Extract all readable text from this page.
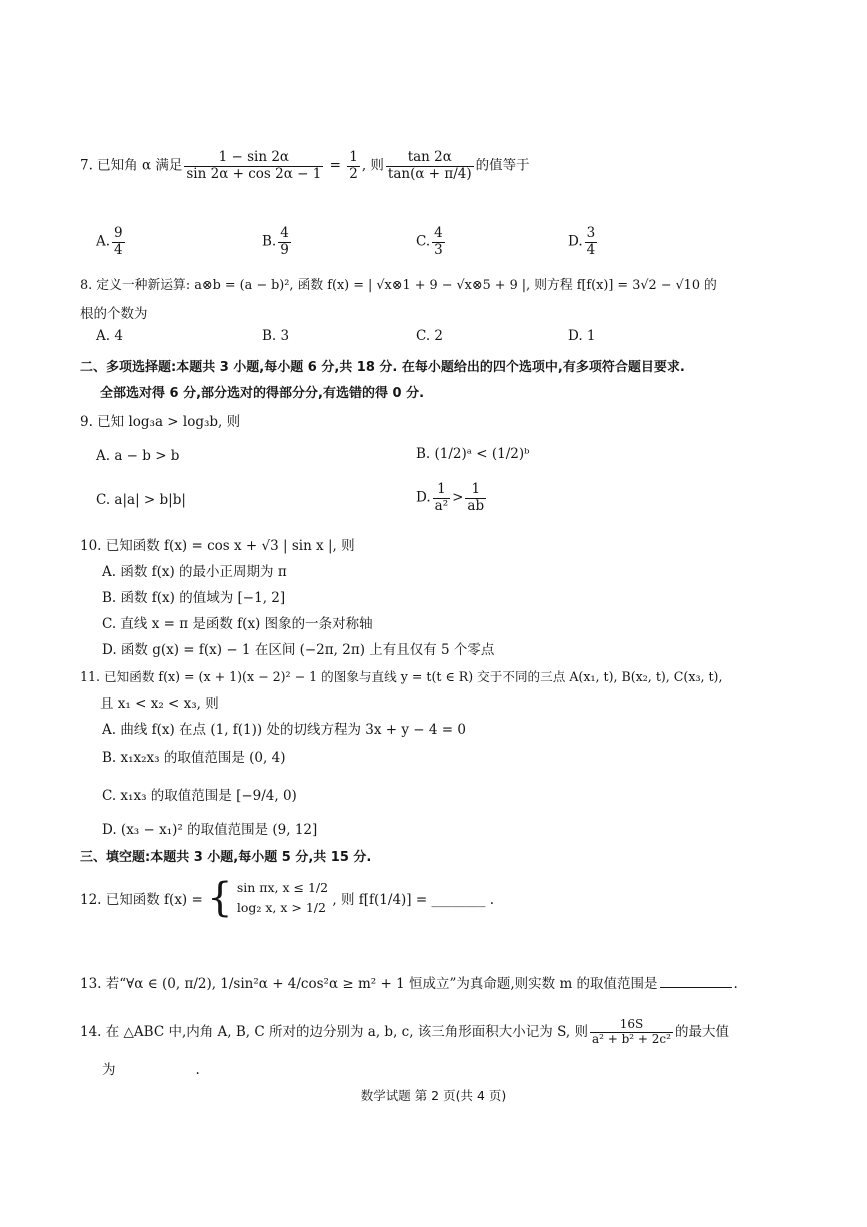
7. 已知角 α 满足 $\frac{1 - \sin 2\alpha}{\sin 2\alpha + \cos 2\alpha - 1} = \frac{1}{2}$ , 则 $\frac{\tan 2\alpha}{\tan(\alpha + \pi/4)}$ 的值等于
A. $\frac{9}{4}$	B. $\frac{4}{9}$	C. $\frac{4}{3}$	D. $\frac{3}{4}$
8. 定义一种新运算: a⊗b = (a − b)², 函数 f(x) = | √x⊗1 + 9 − √x⊗5 + 9 |, 则方程 f[f(x)] = 3√2 − √10 的
根的个数为
A. 4	B. 3	C. 2	D. 1
二、多项选择题:本题共 3 小题,每小题 6 分,共 18 分. 在每小题给出的四个选项中,有多项符合题目要求.
全部选对得 6 分,部分选对的得部分分,有选错的得 0 分.
9. 已知 log₃a > log₃b, 则
A. a − b > b	B. (1/2)ᵃ < (1/2)ᵇ
C. a|a| > b|b|	D. $\frac{1}{\text{a²}} > \frac{1}{ab}$
10. 已知函数 f(x) = cos x + √3 | sin x |, 则
A. 函数 f(x) 的最小正周期为 π
B. 函数 f(x) 的值域为 [−1, 2]
C. 直线 x = π 是函数 f(x) 图象的一条对称轴
D. 函数 g(x) = f(x) − 1 在区间 (−2π, 2π) 上有且仅有 5 个零点
11. 已知函数 f(x) = (x + 1)(x − 2)² − 1 的图象与直线 y = t(t ∈ R) 交于不同的三点 A(x₁, t), B(x₂, t), C(x₃, t),
且 x₁ < x₂ < x₃, 则
A. 曲线 f(x) 在点 (1, f(1)) 处的切线方程为 3x + y − 4 = 0
B. x₁x₂x₃ 的取值范围是 (0, 4)
C. x₁x₃ 的取值范围是 [−9/4, 0)
D. (x₃ − x₁)² 的取值范围是 (9, 12]
三、填空题:本题共 3 小题,每小题 5 分,共 15 分.
12. 已知函数 f(x) = { sin πx, x ≤ 1/2
log₂ x, x > 1/2 , 则 f[f(1/4)] = ________ .
13. 若“∀α ∈ (0, π/2), 1/sin²α + 4/cos²α ≥ m² + 1 恒成立”为真命题,则实数 m 的取值范围是	.
14. 在 △ABC 中,内角 A, B, C 所对的边分别为 a, b, c, 该三角形面积大小记为 S, 则 $\frac{16S}{\text{a² + b² + 2c²}}$ 的最大值
为	.
数学试题 第 2 页(共 4 页)
